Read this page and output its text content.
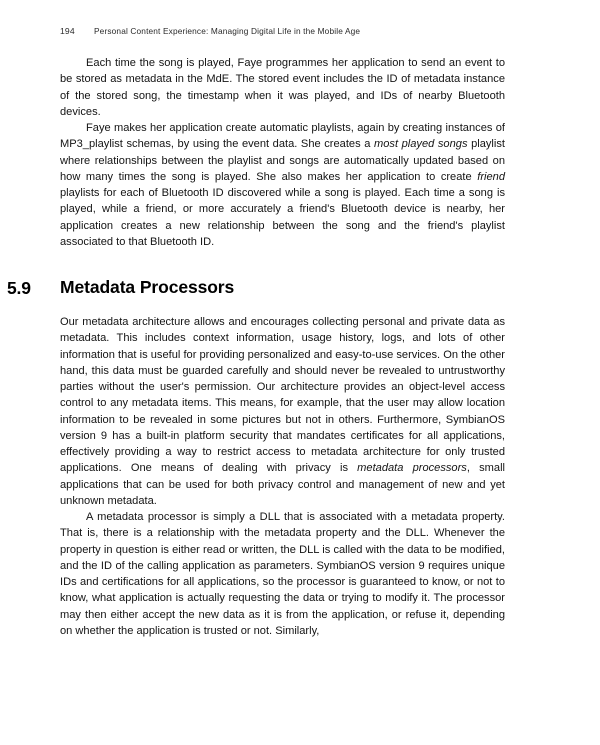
194 Personal Content Experience: Managing Digital Life in the Mobile Age

Each time the song is played, Faye programmes her application to send an event to be stored as metadata in the MdE. The stored event includes the ID of metadata instance of the stored song, the timestamp when it was played, and IDs of nearby Bluetooth devices.

Faye makes her application create automatic playlists, again by creating instances of MP3_playlist schemas, by using the event data. She creates a most played songs playlist where relationships between the playlist and songs are automatically updated based on how many times the song is played. She also makes her application to create friend playlists for each of Bluetooth ID discovered while a song is played. Each time a song is played, while a friend, or more accurately a friend's Bluetooth device is nearby, her application creates a new relationship between the song and the friend's playlist associated to that Bluetooth ID.

5.9 Metadata Processors

Our metadata architecture allows and encourages collecting personal and private data as metadata. This includes context information, usage history, logs, and lots of other information that is useful for providing personalized and easy-to-use services. On the other hand, this data must be guarded carefully and should never be revealed to untrustworthy parties without the user's permission. Our architecture provides an object-level access control to any metadata items. This means, for example, that the user may allow location information to be revealed in some pictures but not in others. Furthermore, SymbianOS version 9 has a built-in platform security that mandates certificates for all applications, effectively providing a way to restrict access to metadata architecture for only trusted applications. One means of dealing with privacy is metadata processors, small applications that can be used for both privacy control and management of new and yet unknown metadata.

A metadata processor is simply a DLL that is associated with a metadata property. That is, there is a relationship with the metadata property and the DLL. Whenever the property in question is either read or written, the DLL is called with the data to be modified, and the ID of the calling application as parameters. SymbianOS version 9 requires unique IDs and certifications for all applications, so the processor is guaranteed to know, or not to know, what application is actually requesting the data or trying to modify it. The processor may then either accept the new data as it is from the application, or refuse it, depending on whether the application is trusted or not. Similarly,
